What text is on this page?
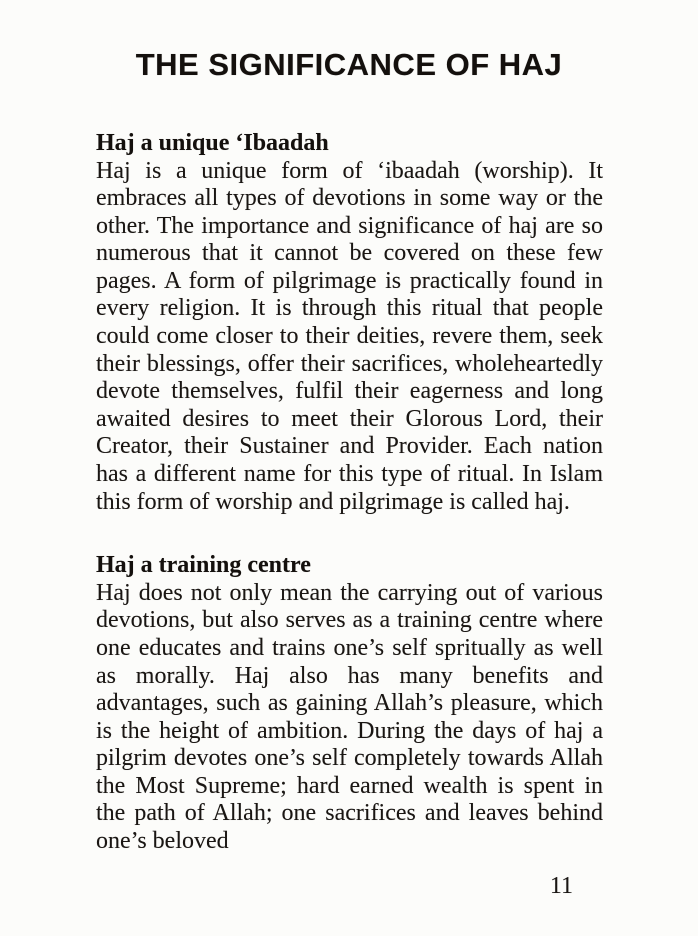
THE SIGNIFICANCE OF HAJ
Haj a unique ‘Ibaadah

Haj is a unique form of ‘ibaadah (worship). It embraces all types of devotions in some way or the other. The importance and significance of haj are so numerous that it cannot be covered on these few pages. A form of pilgrimage is practically found in every religion. It is through this ritual that people could come closer to their deities, revere them, seek their blessings, offer their sacrifices, wholeheartedly devote themselves, fulfil their eagerness and long awaited desires to meet their Glorous Lord, their Creator, their Sustainer and Provider. Each nation has a different name for this type of ritual. In Islam this form of worship and pilgrimage is called haj.

Haj a training centre

Haj does not only mean the carrying out of various devotions, but also serves as a training centre where one educates and trains one’s self spritually as well as morally. Haj also has many benefits and advantages, such as gaining Allah’s pleasure, which is the height of ambition. During the days of haj a pilgrim devotes one’s self completely towards Allah the Most Supreme; hard earned wealth is spent in the path of Allah; one sacrifices and leaves behind one’s beloved

11
